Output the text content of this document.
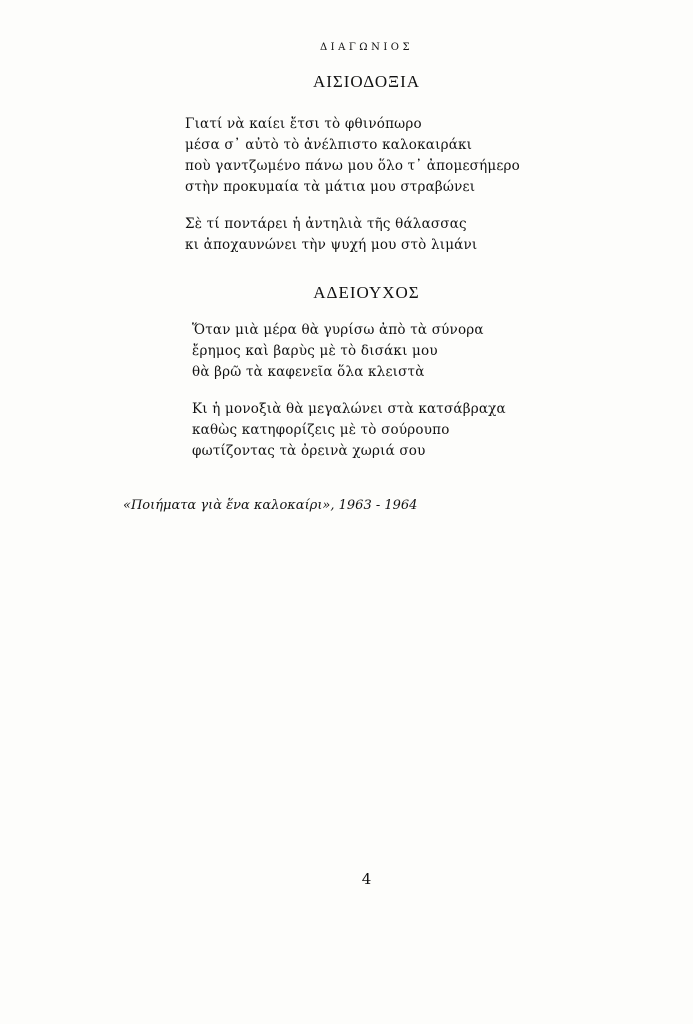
ΔΙΑΓΩΝΙΟΣ
ΑΙΣΙΟΔΟΞΙΑ
Γιατί νὰ καίει ἔτσι τὸ φθινόπωρο
μέσα σ᾽ αὐτὸ τὸ ἀνέλπιστο καλοκαιράκι
ποὺ γαντζωμένο πάνω μου ὅλο τ᾽ ἀπομεσήμερο
στὴν προκυμαία τὰ μάτια μου στραβώνει
Σὲ τί ποντάρει ἡ ἀντηλιὰ τῆς θάλασσας
κι ἀποχαυνώνει τὴν ψυχή μου στὸ λιμάνι
ΑΔΕΙΟΥΧΟΣ
Ὅταν μιὰ μέρα θὰ γυρίσω ἀπὸ τὰ σύνορα
ἔρημος καὶ βαρὺς μὲ τὸ δισάκι μου
θὰ βρῶ τὰ καφενεῖα ὅλα κλειστὰ
Κι ἡ μονοξιὰ θὰ μεγαλώνει στὰ κατσάβραχα
καθὼς κατηφορίζεις μὲ τὸ σούρουπο
φωτίζοντας τὰ ὀρεινὰ χωριά σου
«Ποιήματα γιὰ ἕνα καλοκαίρι», 1963 - 1964
4
